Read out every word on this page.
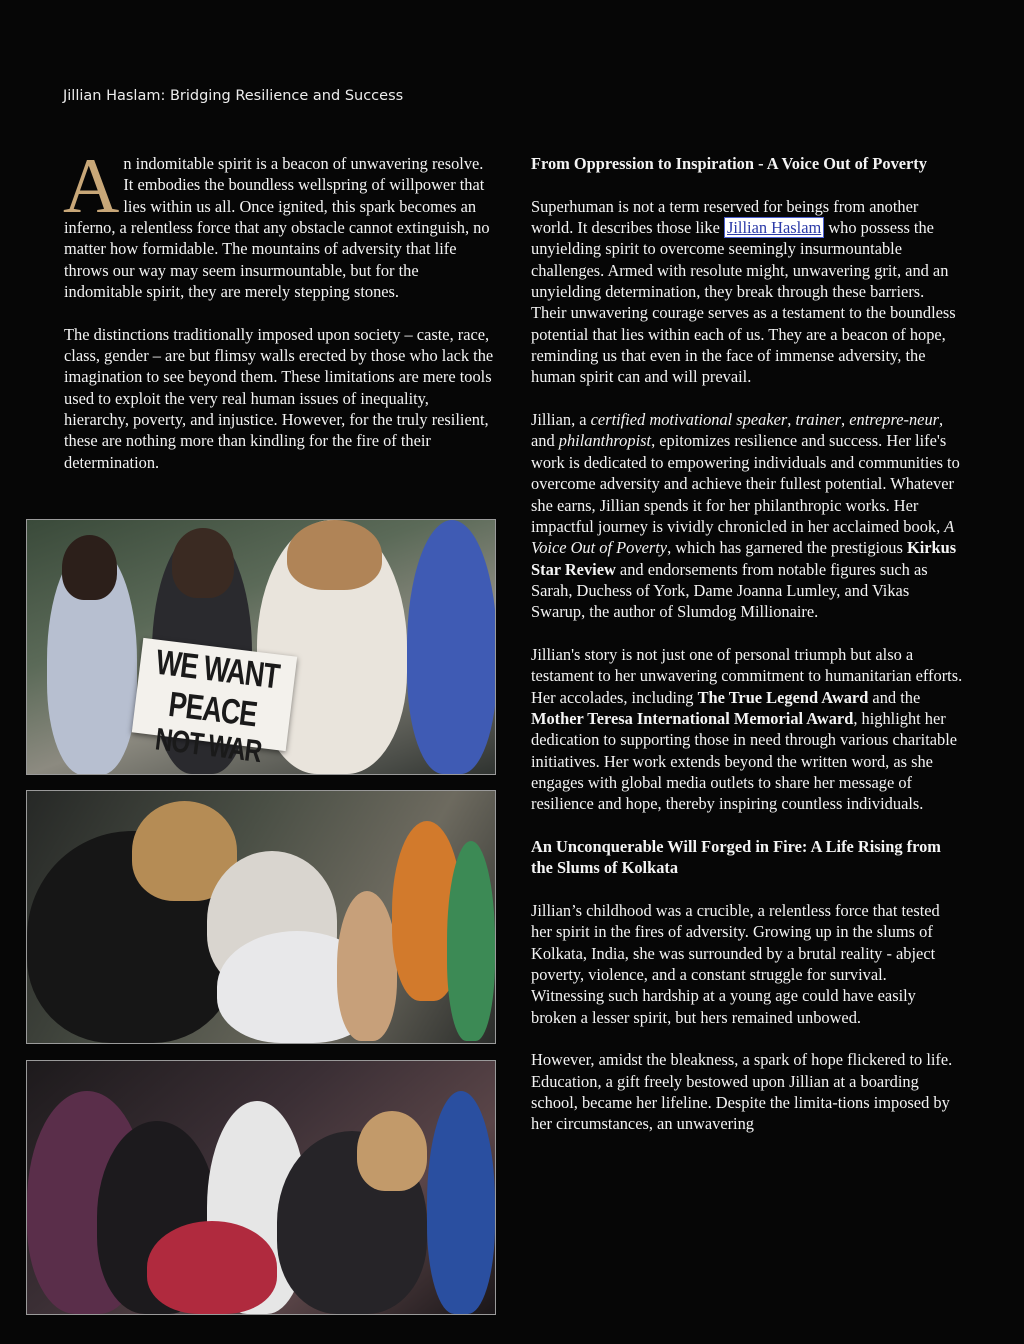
Jillian Haslam: Bridging Resilience and Success

An indomitable spirit is a beacon of unwavering resolve. It embodies the boundless wellspring of willpower that lies within us all. Once ignited, this spark becomes an inferno, a relentless force that any obstacle cannot extinguish, no matter how formidable. The mountains of adversity that life throws our way may seem insurmountable, but for the indomitable spirit, they are merely stepping stones.

The distinctions traditionally imposed upon society – caste, race, class, gender – are but flimsy walls erected by those who lack the imagination to see beyond them. These limitations are mere tools used to exploit the very real human issues of inequality, hierarchy, poverty, and injustice. However, for the truly resilient, these are nothing more than kindling for the fire of their determination.

WE WANT PEACE
NOT WAR

From Oppression to Inspiration - A Voice Out of Poverty

Superhuman is not a term reserved for beings from another world. It describes those like Jillian Haslam who possess the unyielding spirit to overcome seemingly insurmountable challenges. Armed with resolute might, unwavering grit, and an unyielding determination, they break through these barriers. Their unwavering courage serves as a testament to the boundless potential that lies within each of us. They are a beacon of hope, reminding us that even in the face of immense adversity, the human spirit can and will prevail.

Jillian, a certified motivational speaker, trainer, entrepre-neur, and philanthropist, epitomizes resilience and success. Her life's work is dedicated to empowering individuals and communities to overcome adversity and achieve their fullest potential. Whatever she earns, Jillian spends it for her philanthropic works. Her impactful journey is vividly chronicled in her acclaimed book, A Voice Out of Poverty, which has garnered the prestigious Kirkus Star Review and endorsements from notable figures such as Sarah, Duchess of York, Dame Joanna Lumley, and Vikas Swarup, the author of Slumdog Millionaire.

Jillian's story is not just one of personal triumph but also a testament to her unwavering commitment to humanitarian efforts. Her accolades, including The True Legend Award and the Mother Teresa International Memorial Award, highlight her dedication to supporting those in need through various charitable initiatives. Her work extends beyond the written word, as she engages with global media outlets to share her message of resilience and hope, thereby inspiring countless individuals.

An Unconquerable Will Forged in Fire: A Life Rising from the Slums of Kolkata

Jillian’s childhood was a crucible, a relentless force that tested her spirit in the fires of adversity. Growing up in the slums of Kolkata, India, she was surrounded by a brutal reality - abject poverty, violence, and a constant struggle for survival. Witnessing such hardship at a young age could have easily broken a lesser spirit, but hers remained unbowed.

However, amidst the bleakness, a spark of hope flickered to life. Education, a gift freely bestowed upon Jillian at a boarding school, became her lifeline. Despite the limita-tions imposed by her circumstances, an unwavering
